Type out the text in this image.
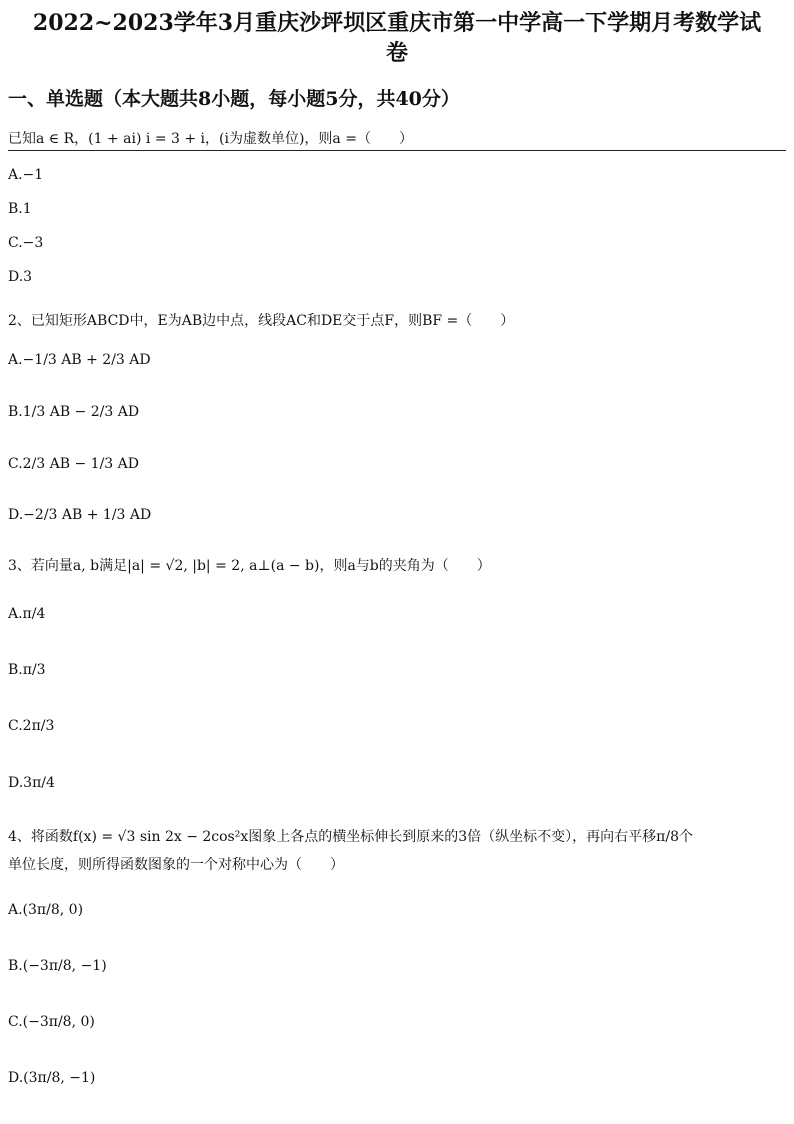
2022~2023学年3月重庆沙坪坝区重庆市第一中学高一下学期月考数学试
卷
一、单选题（本大题共8小题，每小题5分，共40分）
已知a ∈ R，(1 + ai) i = 3 + i，(i为虚数单位)，则a =（　　）
A.−1
B.1
C.−3
D.3
2、已知矩形ABCD中，E为AB边中点，线段AC和DE交于点F，则BF =（　　）
A.−1/3 AB + 2/3 AD
B.1/3 AB − 2/3 AD
C.2/3 AB − 1/3 AD
D.−2/3 AB + 1/3 AD
3、若向量a, b满足|a| = √2, |b| = 2, a⊥(a − b)，则a与b的夹角为（　　）
A.π/4
B.π/3
C.2π/3
D.3π/4
4、将函数f(x) = √3 sin 2x − 2cos²x图象上各点的横坐标伸长到原来的3倍（纵坐标不变），再向右平移π/8个
单位长度，则所得函数图象的一个对称中心为（　　）
A.(3π/8, 0)
B.(−3π/8, −1)
C.(−3π/8, 0)
D.(3π/8, −1)
